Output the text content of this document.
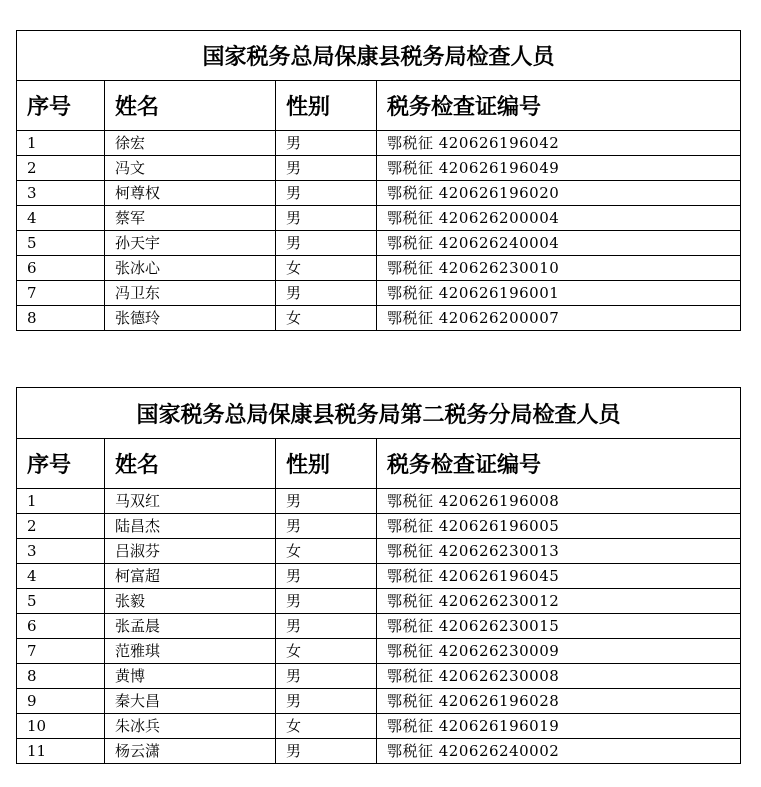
国家税务总局保康县税务局检查人员			
序号	姓名	性别	税务检查证编号
1	徐宏	男	鄂税征 420626196042
2	冯文	男	鄂税征 420626196049
3	柯尊权	男	鄂税征 420626196020
4	蔡军	男	鄂税征 420626200004
5	孙天宇	男	鄂税征 420626240004
6	张冰心	女	鄂税征 420626230010
7	冯卫东	男	鄂税征 420626196001
8	张德玲	女	鄂税征 420626200007
国家税务总局保康县税务局第二税务分局检查人员			
序号	姓名	性别	税务检查证编号
1	马双红	男	鄂税征 420626196008
2	陆昌杰	男	鄂税征 420626196005
3	吕淑芬	女	鄂税征 420626230013
4	柯富超	男	鄂税征 420626196045
5	张毅	男	鄂税征 420626230012
6	张孟晨	男	鄂税征 420626230015
7	范雅琪	女	鄂税征 420626230009
8	黄博	男	鄂税征 420626230008
9	秦大昌	男	鄂税征 420626196028
10	朱冰兵	女	鄂税征 420626196019
11	杨云潇	男	鄂税征 420626240002
